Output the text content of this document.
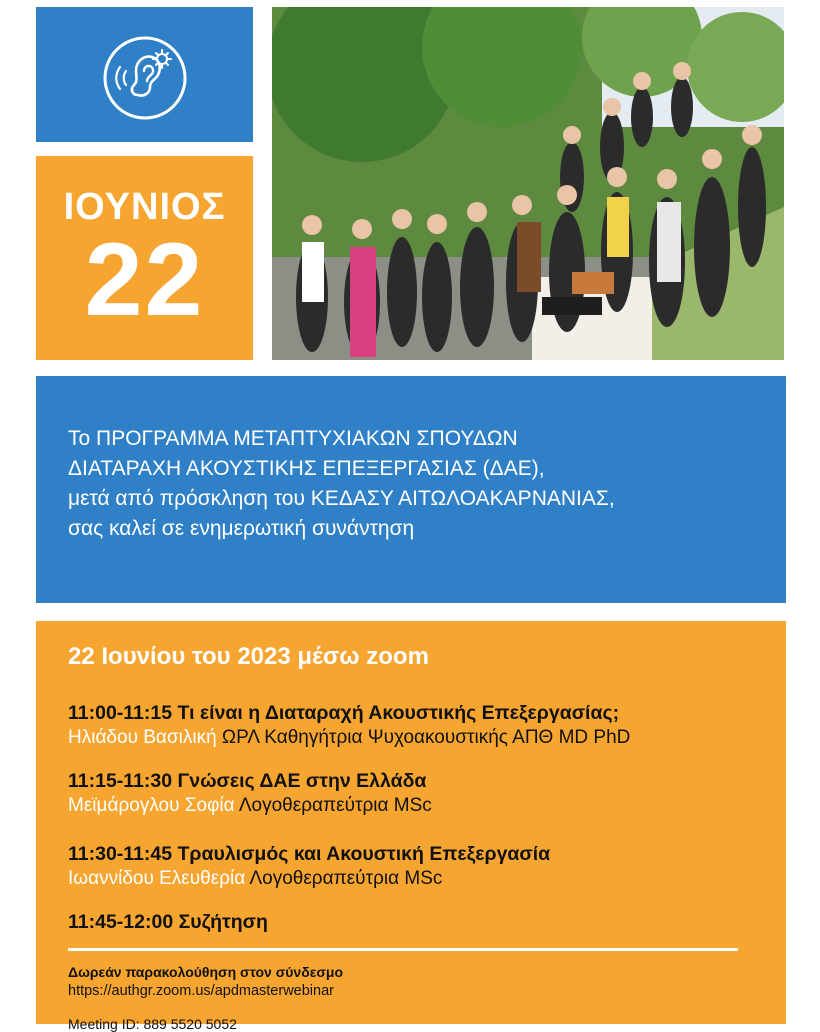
ΙΟΥΝΙΟΣ
22
Το ΠΡΟΓΡΑΜΜΑ ΜΕΤΑΠΤΥΧΙΑΚΩΝ ΣΠΟΥΔΩΝ
ΔΙΑΤΑΡΑΧΗ ΑΚΟΥΣΤΙΚΗΣ ΕΠΕΞΕΡΓΑΣΙΑΣ (ΔΑΕ),
μετά από πρόσκληση του ΚΕΔΑΣΥ ΑΙΤΩΛΟΑΚΑΡΝΑΝΙΑΣ,
σας καλεί σε ενημερωτική συνάντηση
22 Ιουνίου του 2023 μέσω zoom
11:00-11:15 Τι είναι η Διαταραχή Ακουστικής Επεξεργασίας;
Ηλιάδου Βασιλική ΩΡΛ Καθηγήτρια Ψυχοακουστικής ΑΠΘ MD PhD
11:15-11:30 Γνώσεις ΔΑΕ στην Ελλάδα
Μεϊμάρογλου Σοφία Λογοθεραπεύτρια MSc
11:30-11:45 Τραυλισμός και Ακουστική Επεξεργασία
Ιωαννίδου Ελευθερία Λογοθεραπεύτρια MSc
11:45-12:00 Συζήτηση
Δωρεάν παρακολούθηση στον σύνδεσμο
https://authgr.zoom.us/apdmasterwebinar
Meeting ID: 889 5520 5052
